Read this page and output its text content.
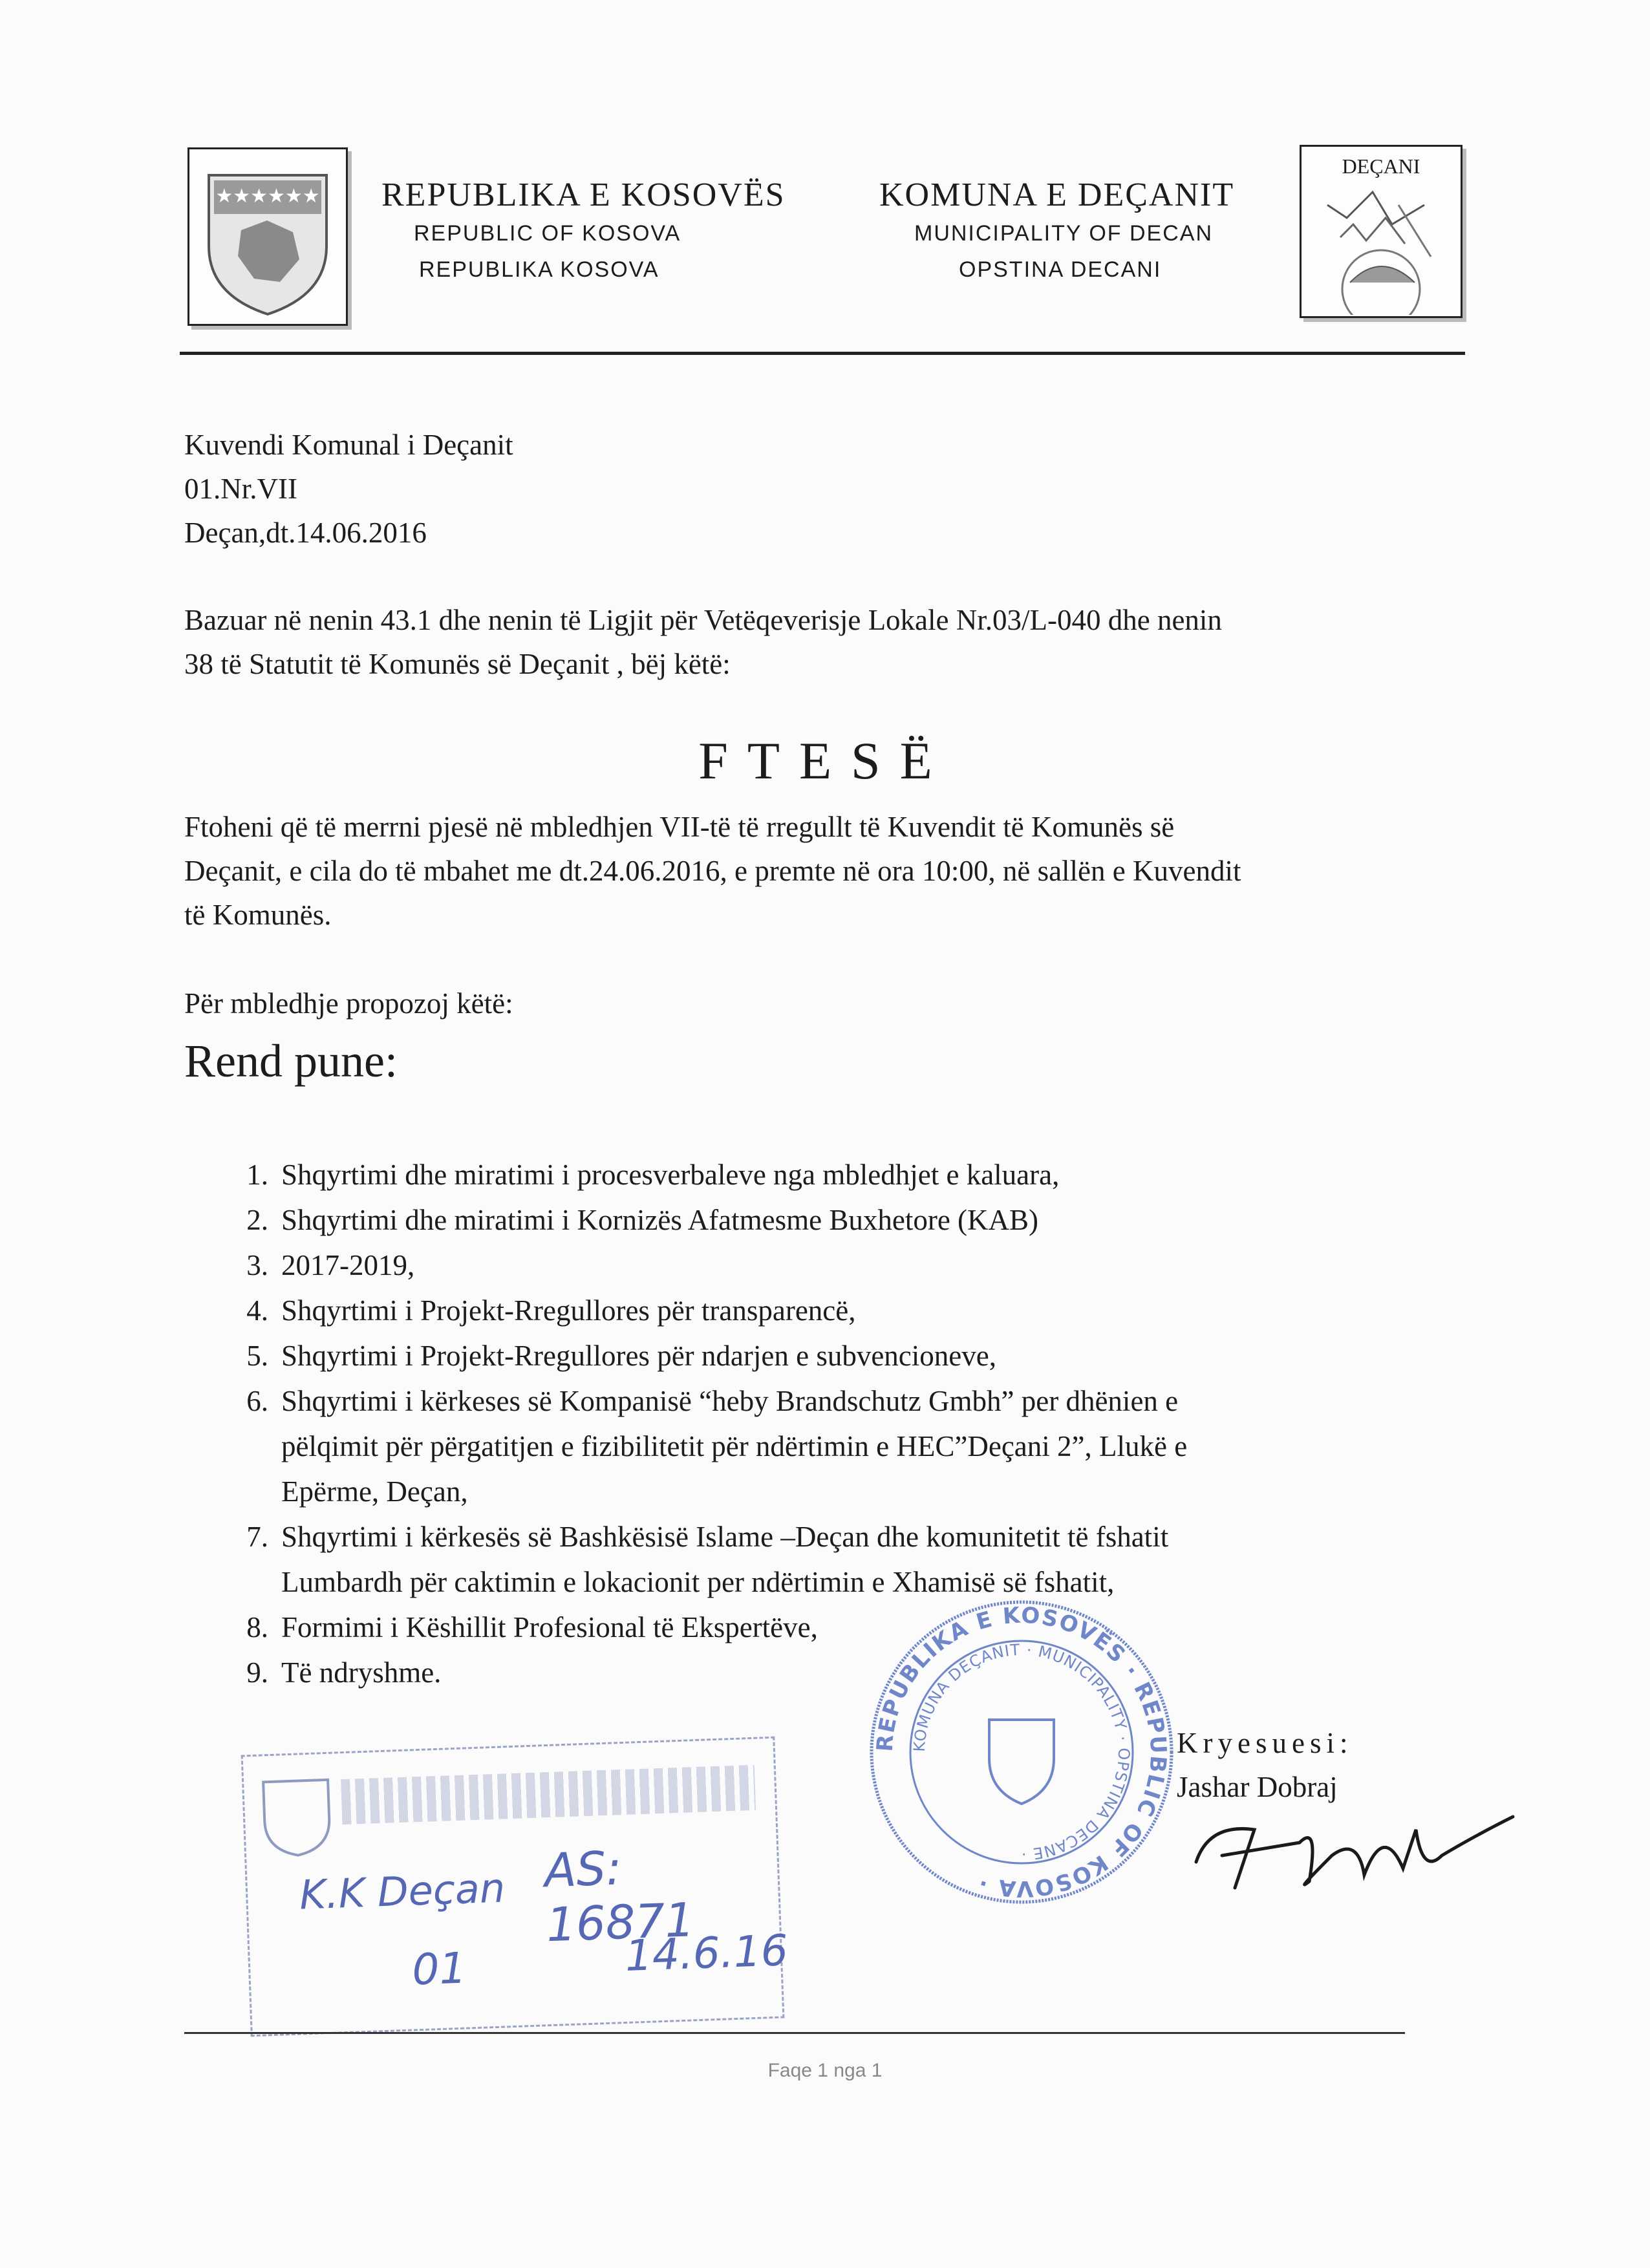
★★★★★★ REPUBLIKA E KOSOVËS
REPUBLIC OF KOSOVA
REPUBLIKA KOSOVA
KOMUNA E DEÇANIT
MUNICIPALITY OF DECAN
OPSTINA DECANI
DEÇANI
Kuvendi Komunal i Deçanit
01.Nr.VII
Deçan,dt.14.06.2016
Bazuar në nenin 43.1 dhe nenin të Ligjit për Vetëqeverisje Lokale Nr.03/L-040 dhe nenin
38 të Statutit të Komunës së Deçanit , bëj këtë:
FTESË
Ftoheni që të merrni pjesë në mbledhjen VII-të të rregullt të Kuvendit të Komunës së
Deçanit, e cila do të mbahet me dt.24.06.2016, e premte në ora 10:00, në sallën e Kuvendit
të Komunës.
Për mbledhje propozoj këtë:
Rend pune:
1. Shqyrtimi dhe miratimi i procesverbaleve nga mbledhjet e kaluara,
2. Shqyrtimi dhe miratimi i Kornizës Afatmesme Buxhetore (KAB)
3. 2017-2019,
4. Shqyrtimi i Projekt-Rregullores për transparencë,
5. Shqyrtimi i Projekt-Rregullores për ndarjen e subvencioneve,
6. Shqyrtimi i kërkeses së Kompanisë “heby Brandschutz Gmbh” per dhënien e
pëlqimit për përgatitjen e fizibilitetit për ndërtimin e HEC”Deçani 2”, Llukë e
Epërme, Deçan,
7. Shqyrtimi i kërkesës së Bashkësisë Islame –Deçan dhe komunitetit të fshatit
Lumbardh për caktimin e lokacionit per ndërtimin e Xhamisë së fshatit,
8. Formimi i Këshillit Profesional të Ekspertëve,
9. Të ndryshme.
REPUBLIKA E KOSOVËS · REPUBLIC OF KOSOVA ·
KOMUNA DEÇANIT · MUNICIPALITY · OPSTINA DECANE ·
Kryesuesi:
Jashar Dobraj
K.K Deçan AS: 16871
01	14.6.16
Faqe 1 nga 1
